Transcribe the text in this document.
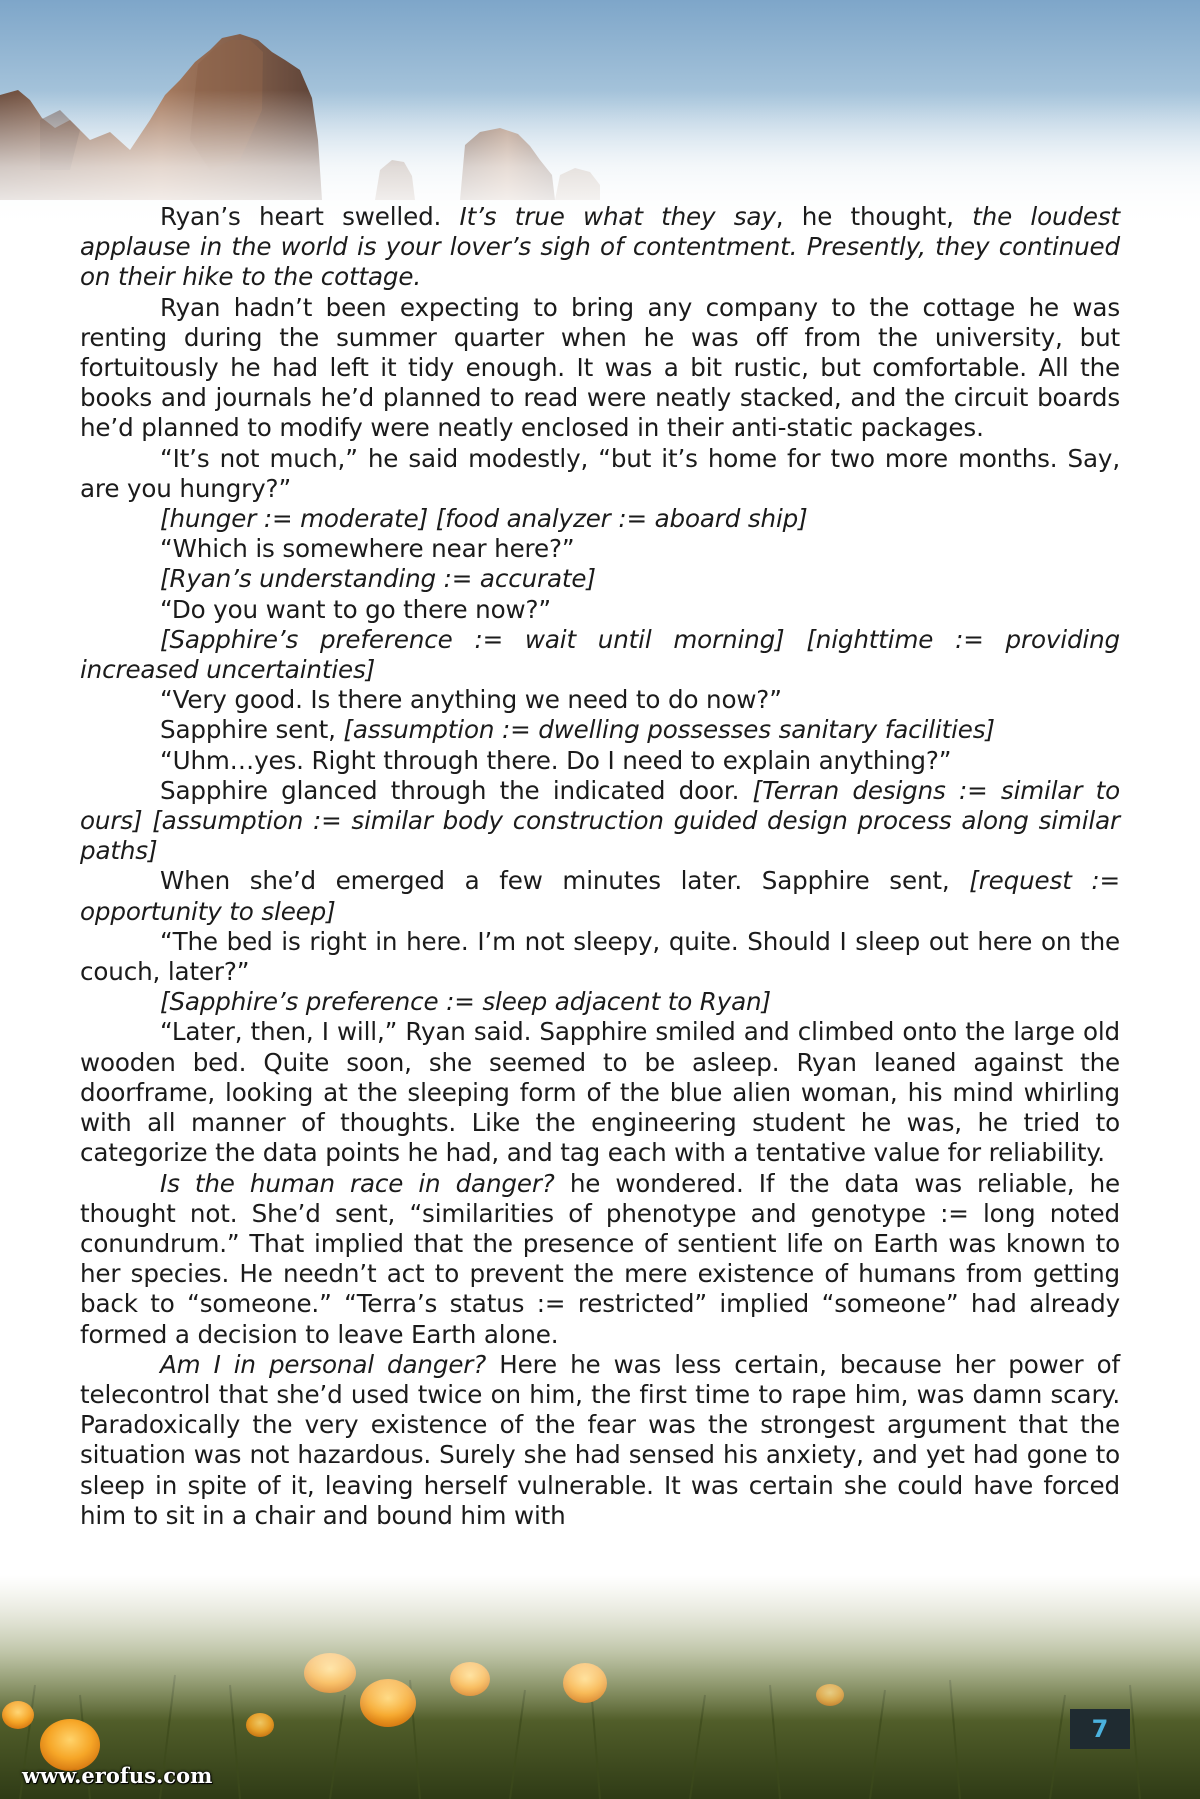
Ryan’s heart swelled. It’s true what they say, he thought, the loudest applause in the world is your lover’s sigh of contentment. Presently, they continued on their hike to the cottage.

Ryan hadn’t been expecting to bring any company to the cottage he was renting during the summer quarter when he was off from the university, but fortuitously he had left it tidy enough. It was a bit rustic, but comfortable. All the books and journals he’d planned to read were neatly stacked, and the circuit boards he’d planned to modify were neatly enclosed in their anti-static packages.

“It’s not much,” he said modestly, “but it’s home for two more months. Say, are you hungry?”

[hunger := moderate] [food analyzer := aboard ship]

“Which is somewhere near here?”

[Ryan’s understanding := accurate]

“Do you want to go there now?”

[Sapphire’s preference := wait until morning] [nighttime := providing increased uncertainties]

“Very good. Is there anything we need to do now?”

Sapphire sent, [assumption := dwelling possesses sanitary facilities]

“Uhm…yes. Right through there. Do I need to explain anything?”

Sapphire glanced through the indicated door. [Terran designs := similar to ours] [assumption := similar body construction guided design process along similar paths]

When she’d emerged a few minutes later. Sapphire sent, [request := opportunity to sleep]

“The bed is right in here. I’m not sleepy, quite. Should I sleep out here on the couch, later?”

[Sapphire’s preference := sleep adjacent to Ryan]

“Later, then, I will,” Ryan said. Sapphire smiled and climbed onto the large old wooden bed. Quite soon, she seemed to be asleep. Ryan leaned against the doorframe, looking at the sleeping form of the blue alien woman, his mind whirling with all manner of thoughts. Like the engineering student he was, he tried to categorize the data points he had, and tag each with a tentative value for reliability.

Is the human race in danger? he wondered. If the data was reliable, he thought not. She’d sent, “similarities of phenotype and genotype := long noted conundrum.” That implied that the presence of sentient life on Earth was known to her species. He needn’t act to prevent the mere existence of humans from getting back to “someone.” “Terra’s status := restricted” implied “someone” had already formed a decision to leave Earth alone.

Am I in personal danger? Here he was less certain, because her power of telecontrol that she’d used twice on him, the first time to rape him, was damn scary. Paradoxically the very existence of the fear was the strongest argument that the situation was not hazardous. Surely she had sensed his anxiety, and yet had gone to sleep in spite of it, leaving herself vulnerable. It was certain she could have forced him to sit in a chair and bound him with

7
www.erofus.com
